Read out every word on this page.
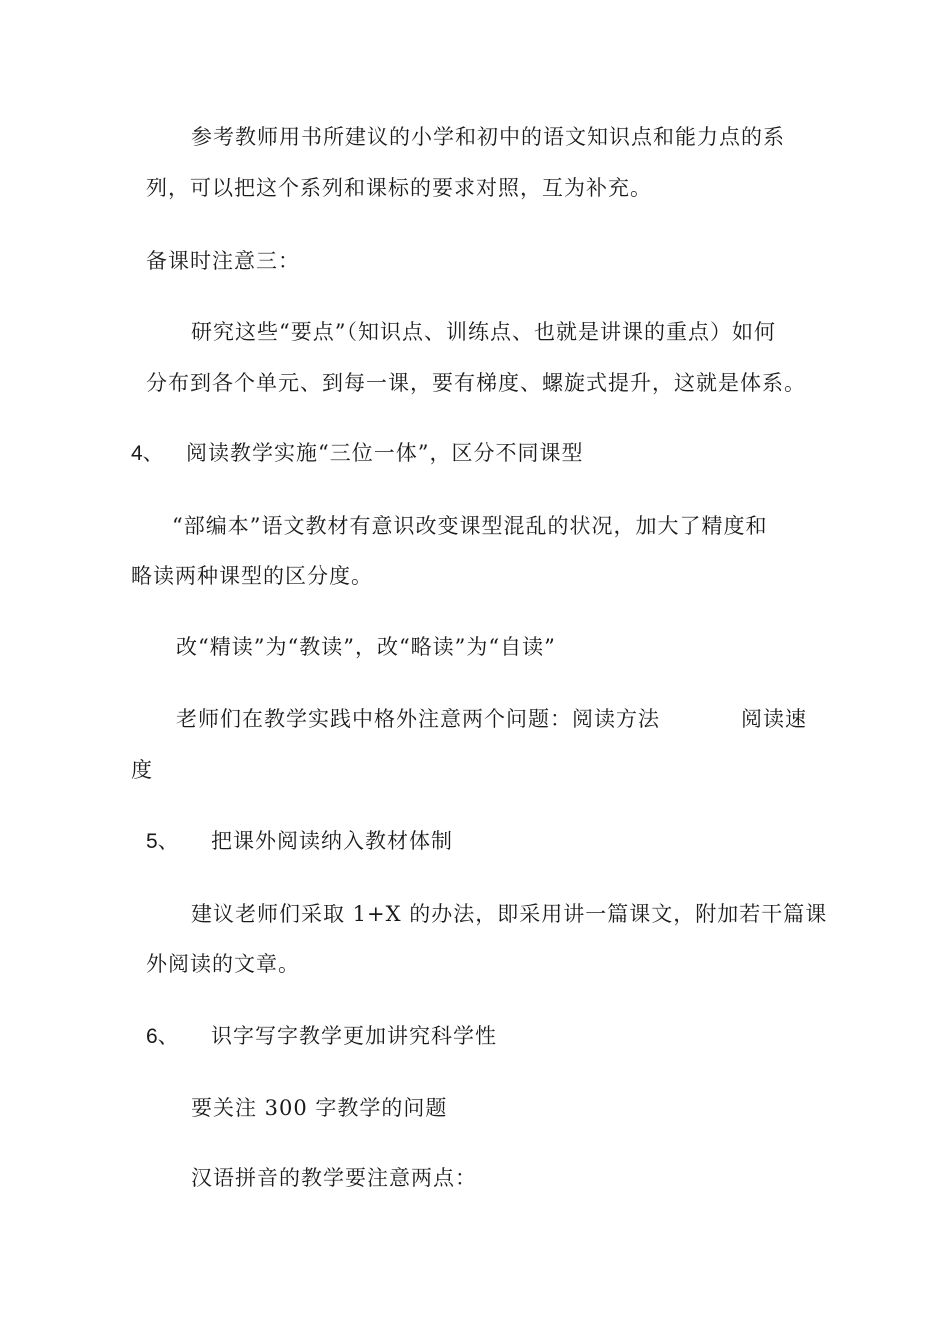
参考教师用书所建议的小学和初中的语文知识点和能力点的系
列，可以把这个系列和课标的要求对照，互为补充。
备课时注意三：
研究这些“要点”（知识点、训练点、也就是讲课的重点）如何
分布到各个单元、到每一课，要有梯度、螺旋式提升，这就是体系。
4、 阅读教学实施“三位一体”，区分不同课型
“部编本”语文教材有意识改变课型混乱的状况，加大了精度和
略读两种课型的区分度。
改“精读”为“教读”，改“略读”为“自读”
老师们在教学实践中格外注意两个问题：阅读方法	阅读速
度
5、 把课外阅读纳入教材体制
建议老师们采取 1+X 的办法，即采用讲一篇课文，附加若干篇课
外阅读的文章。
6、 识字写字教学更加讲究科学性
要关注 300 字教学的问题
汉语拼音的教学要注意两点：
